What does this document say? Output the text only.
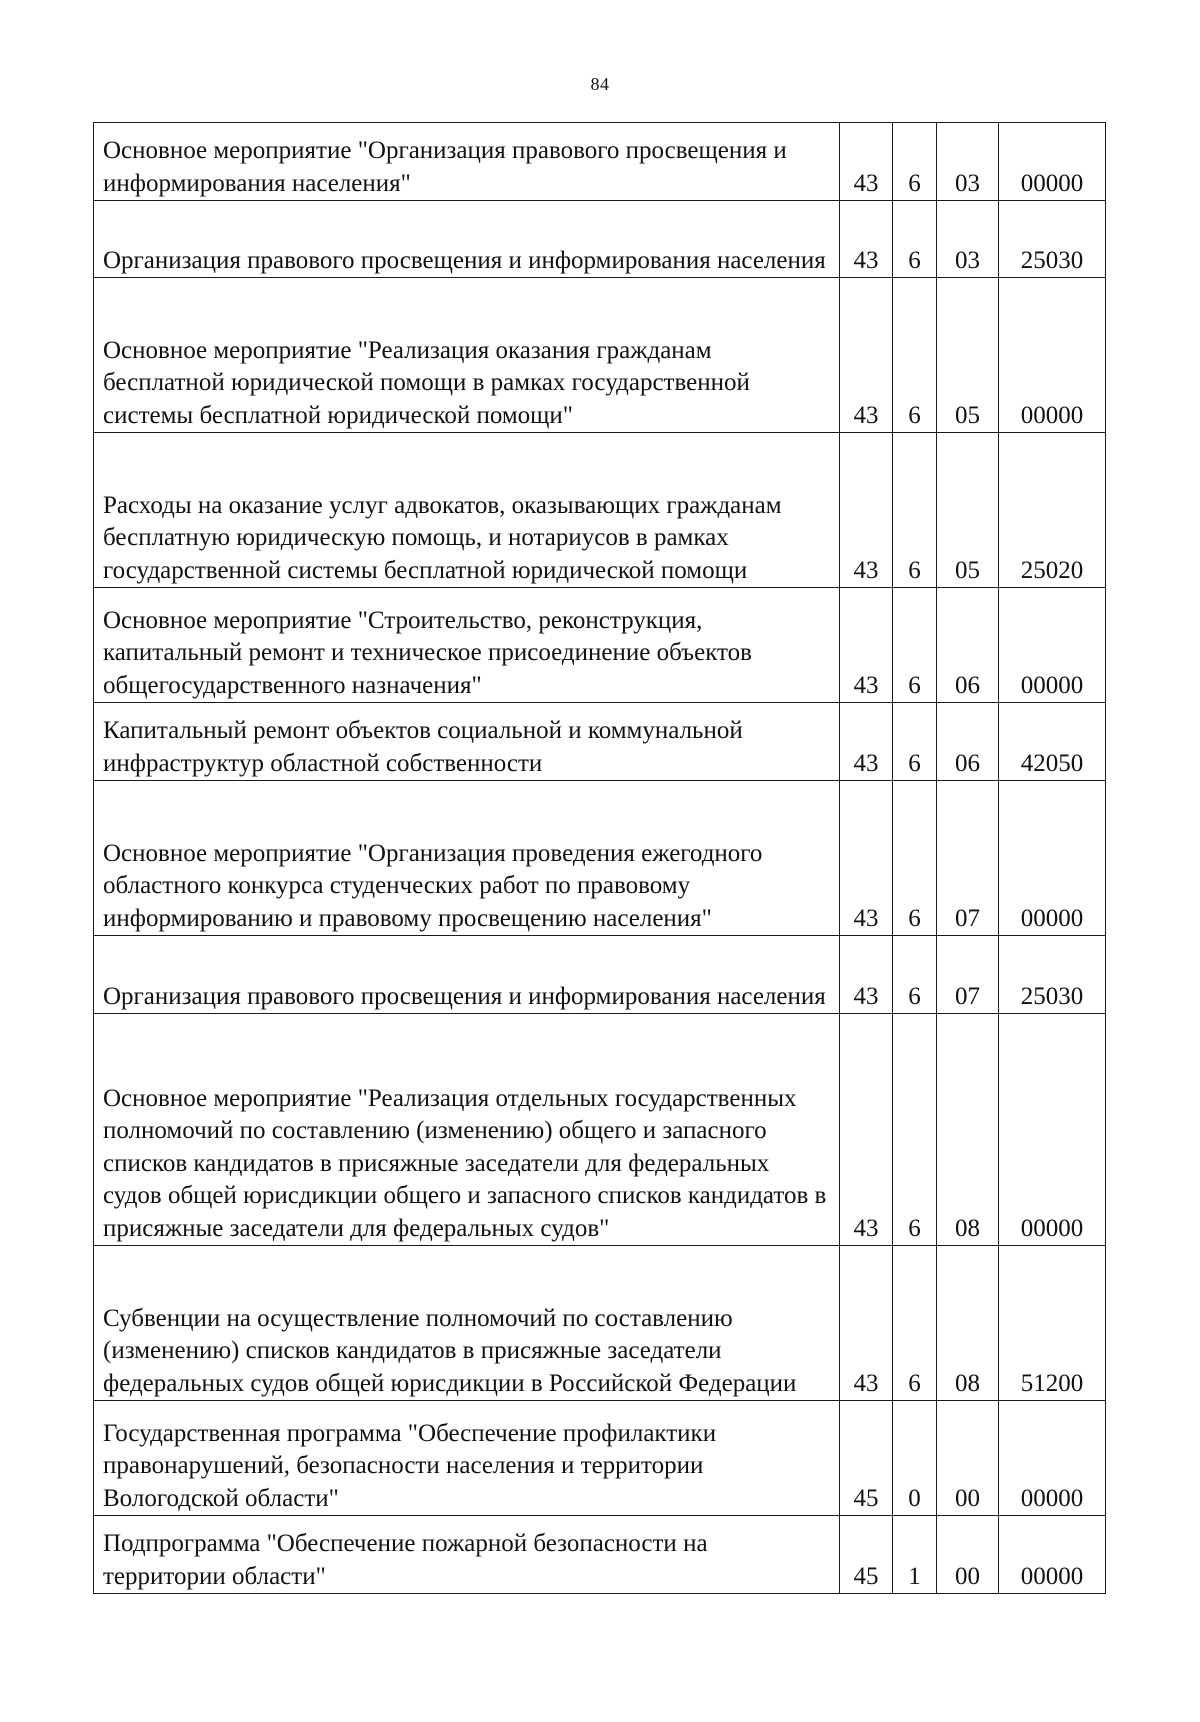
84
Основное мероприятие "Организация правового просвещения и информирования населения"	43	6	03	00000
Организация правового просвещения и информирования населения	43	6	03	25030
Основное мероприятие "Реализация оказания гражданам бесплатной юридической помощи в рамках государственной системы бесплатной юридической помощи"	43	6	05	00000
Расходы на оказание услуг адвокатов, оказывающих гражданам бесплатную юридическую помощь, и нотариусов в рамках государственной системы бесплатной юридической помощи	43	6	05	25020
Основное мероприятие "Строительство, реконструкция, капитальный ремонт и техническое присоединение объектов общегосударственного назначения"	43	6	06	00000
Капитальный ремонт объектов социальной и коммунальной инфраструктур областной собственности	43	6	06	42050
Основное мероприятие "Организация проведения ежегодного областного конкурса студенческих работ по правовому информированию и правовому просвещению населения"	43	6	07	00000
Организация правового просвещения и информирования населения	43	6	07	25030
Основное мероприятие "Реализация отдельных государственных полномочий по составлению (изменению) общего и запасного списков кандидатов в присяжные заседатели для федеральных судов общей юрисдикции общего и запасного списков кандидатов в присяжные заседатели для федеральных судов"	43	6	08	00000
Субвенции на осуществление полномочий по составлению (изменению) списков кандидатов в присяжные заседатели федеральных судов общей юрисдикции в Российской Федерации	43	6	08	51200
Государственная программа "Обеспечение профилактики правонарушений, безопасности населения и территории Вологодской области"	45	0	00	00000
Подпрограмма "Обеспечение пожарной безопасности на территории области"	45	1	00	00000
